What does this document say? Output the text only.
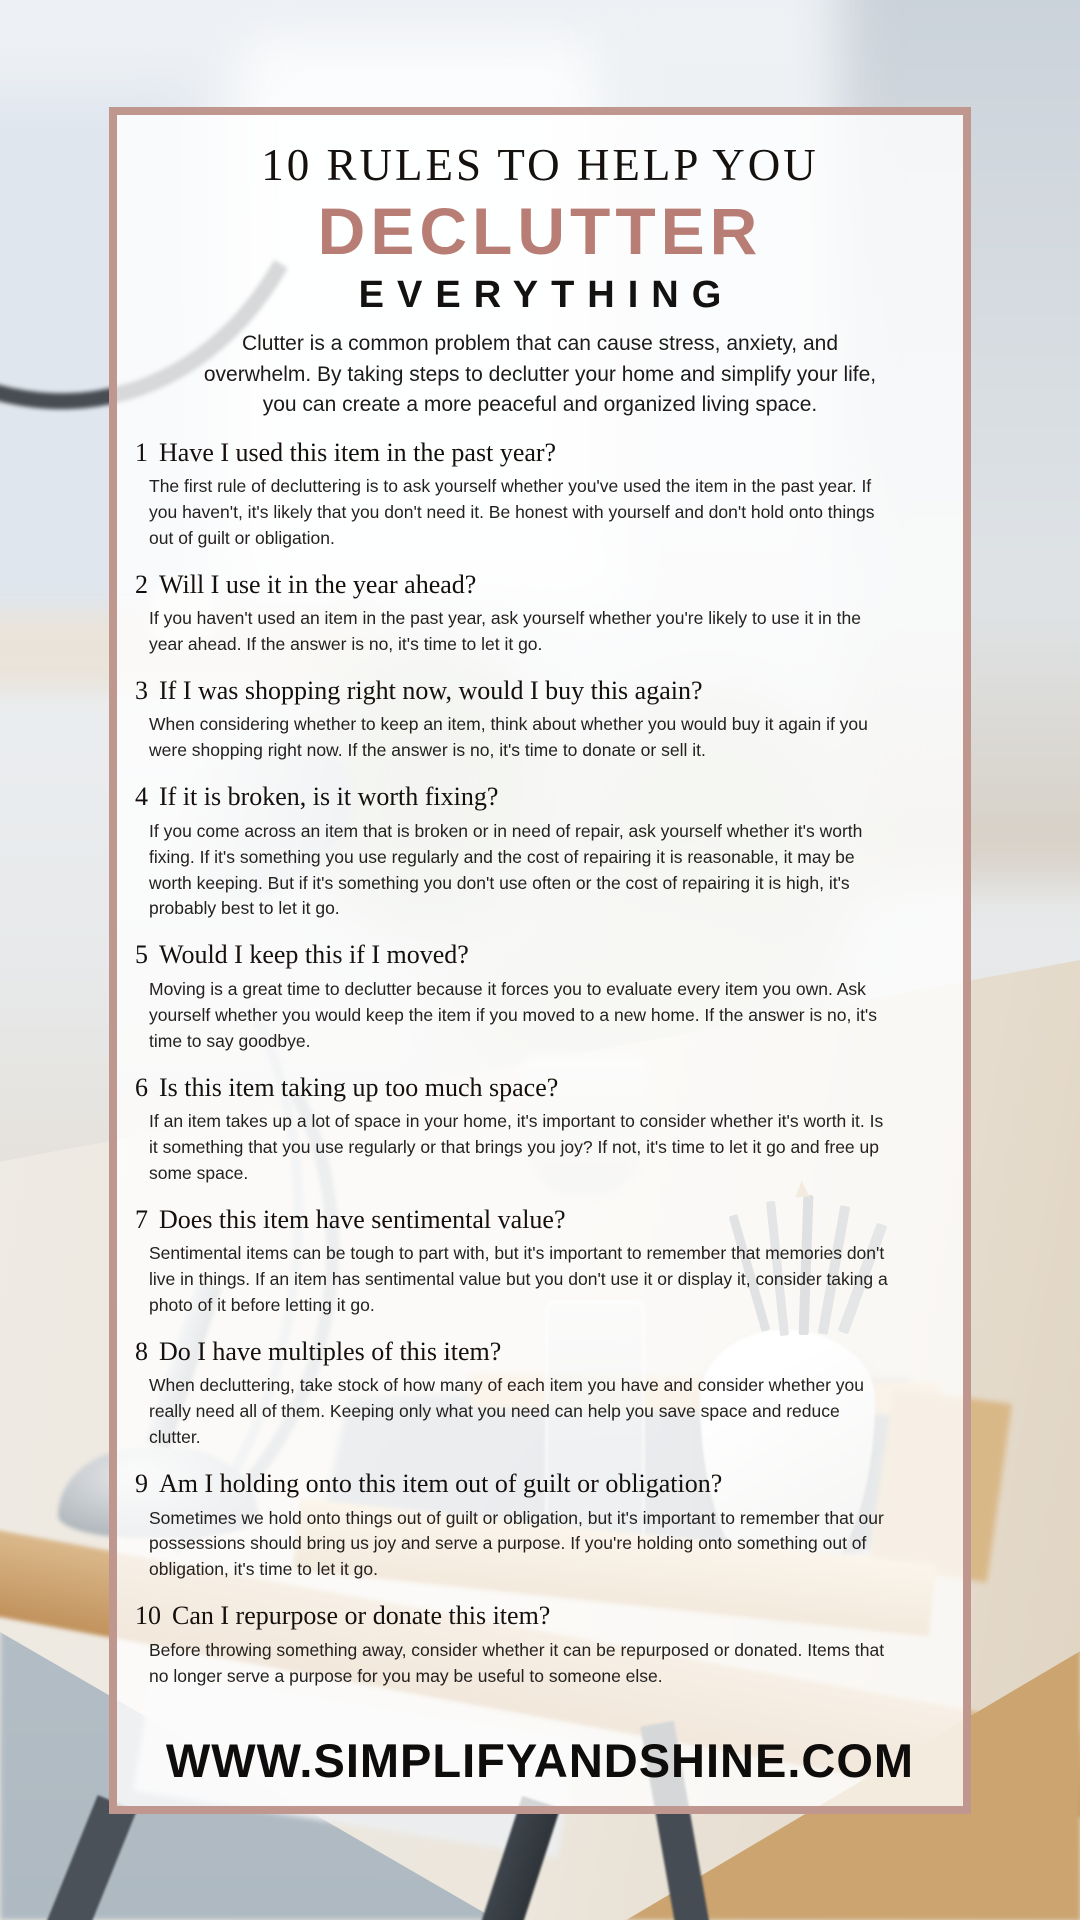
10 RULES TO HELP YOU
DECLUTTER
EVERYTHING

Clutter is a common problem that can cause stress, anxiety, and overwhelm. By taking steps to declutter your home and simplify your life, you can create a more peaceful and organized living space.

1 Have I used this item in the past year?

The first rule of decluttering is to ask yourself whether you've used the item in the past year. If you haven't, it's likely that you don't need it. Be honest with yourself and don't hold onto things out of guilt or obligation.

2 Will I use it in the year ahead?

If you haven't used an item in the past year, ask yourself whether you're likely to use it in the year ahead. If the answer is no, it's time to let it go.

3 If I was shopping right now, would I buy this again?

When considering whether to keep an item, think about whether you would buy it again if you were shopping right now. If the answer is no, it's time to donate or sell it.

4 If it is broken, is it worth fixing?

If you come across an item that is broken or in need of repair, ask yourself whether it's worth fixing. If it's something you use regularly and the cost of repairing it is reasonable, it may be worth keeping. But if it's something you don't use often or the cost of repairing it is high, it's probably best to let it go.

5 Would I keep this if I moved?

Moving is a great time to declutter because it forces you to evaluate every item you own. Ask yourself whether you would keep the item if you moved to a new home. If the answer is no, it's time to say goodbye.

6 Is this item taking up too much space?

If an item takes up a lot of space in your home, it's important to consider whether it's worth it. Is it something that you use regularly or that brings you joy? If not, it's time to let it go and free up some space.

7 Does this item have sentimental value?

Sentimental items can be tough to part with, but it's important to remember that memories don't live in things. If an item has sentimental value but you don't use it or display it, consider taking a photo of it before letting it go.

8 Do I have multiples of this item?

When decluttering, take stock of how many of each item you have and consider whether you really need all of them. Keeping only what you need can help you save space and reduce clutter.

9 Am I holding onto this item out of guilt or obligation?

Sometimes we hold onto things out of guilt or obligation, but it's important to remember that our possessions should bring us joy and serve a purpose. If you're holding onto something out of obligation, it's time to let it go.

10 Can I repurpose or donate this item?

Before throwing something away, consider whether it can be repurposed or donated. Items that no longer serve a purpose for you may be useful to someone else.

WWW.SIMPLIFYANDSHINE.COM
